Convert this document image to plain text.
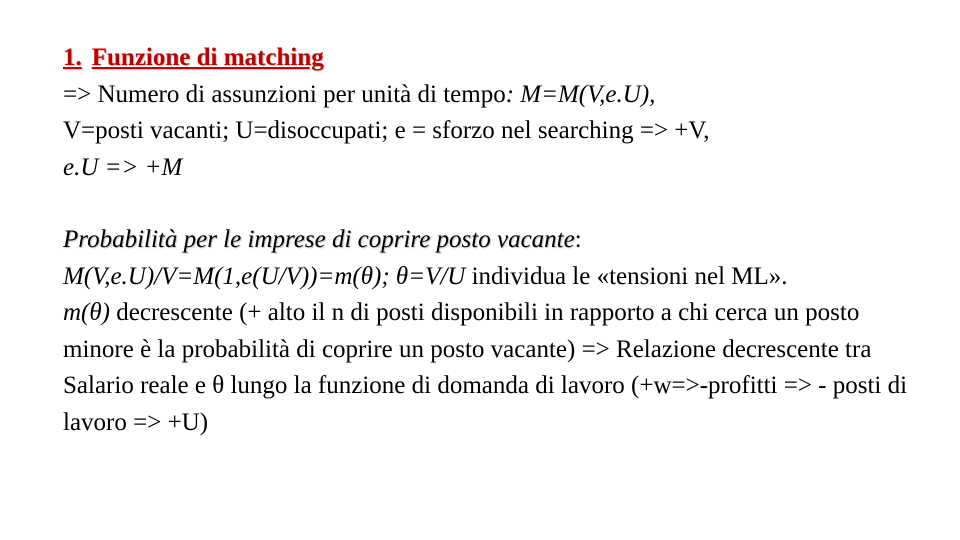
1. Funzione di matching

=> Numero di assunzioni per unità di tempo: M=M(V,e.U),
V=posti vacanti; U=disoccupati; e = sforzo nel searching => +V,
e.U => +M

Probabilità per le imprese di coprire posto vacante:
M(V,e.U)/V=M(1,e(U/V))=m(θ); θ=V/U individua le «tensioni nel ML».
m(θ) decrescente (+ alto il n di posti disponibili in rapporto a chi cerca un posto minore è la probabilità di coprire un posto vacante) => Relazione decrescente tra Salario reale e θ lungo la funzione di domanda di lavoro (+w=>-profitti => - posti di lavoro => +U)
